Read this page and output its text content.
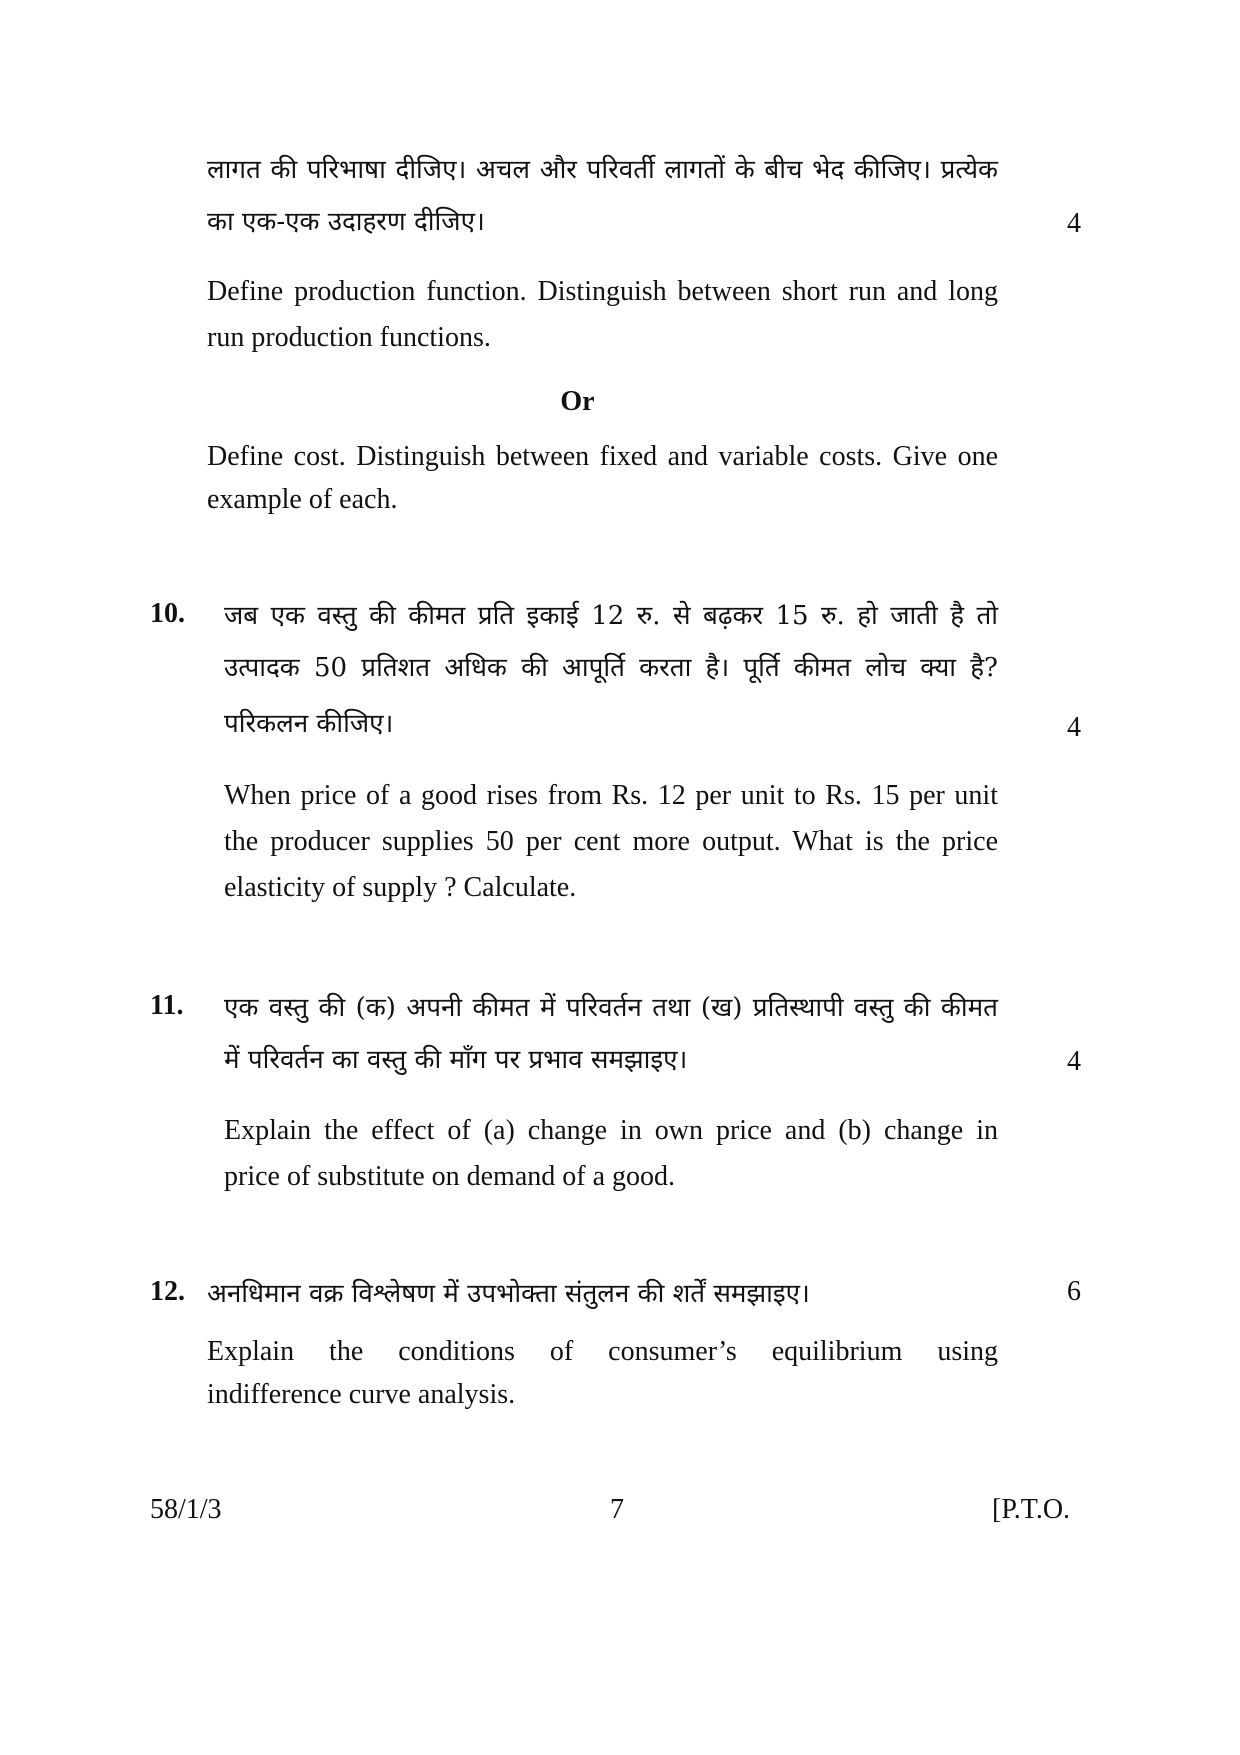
लागत की परिभाषा दीजिए। अचल और परिवर्ती लागतों के बीच भेद कीजिए। प्रत्येक
का एक-एक उदाहरण दीजिए।	4
Define production function. Distinguish between short run and long
run production functions.
Or
Define cost. Distinguish between fixed and variable costs. Give one
example of each.
10. जब एक वस्तु की कीमत प्रति इकाई 12 रु. से बढ़कर 15 रु. हो जाती है तो
उत्पादक 50 प्रतिशत अधिक की आपूर्ति करता है। पूर्ति कीमत लोच क्या है?
परिकलन कीजिए।	4
When price of a good rises from Rs. 12 per unit to Rs. 15 per unit
the producer supplies 50 per cent more output. What is the price
elasticity of supply ? Calculate.
11. एक वस्तु की (क) अपनी कीमत में परिवर्तन तथा (ख) प्रतिस्थापी वस्तु की कीमत
में परिवर्तन का वस्तु की माँग पर प्रभाव समझाइए।	4
Explain the effect of (a) change in own price and (b) change in
price of substitute on demand of a good.
12. अनधिमान वक्र विश्लेषण में उपभोक्ता संतुलन की शर्तें समझाइए।	6
Explain the conditions of consumer’s equilibrium using
indifference curve analysis.
58/1/3	7	[P.T.O.
